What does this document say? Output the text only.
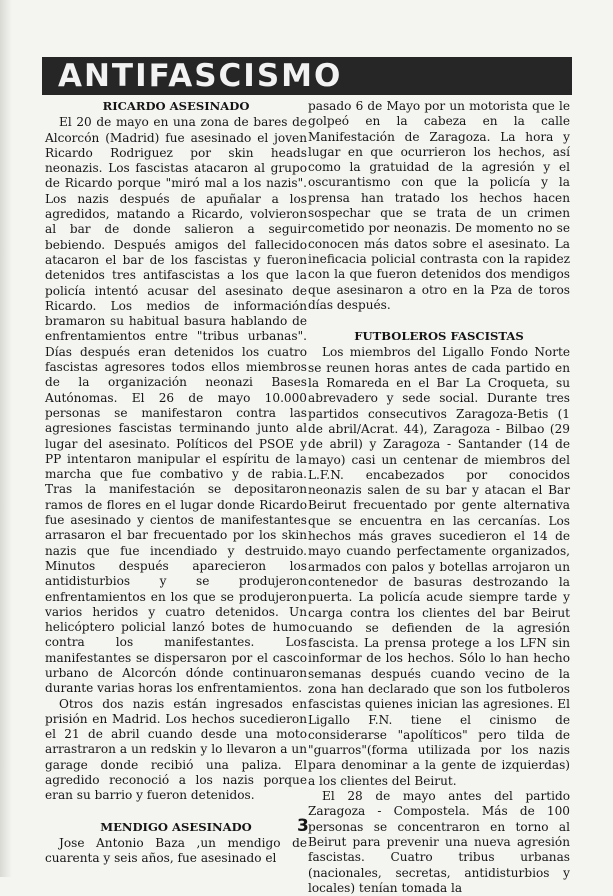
ANTIFASCISMO
RICARDO ASESINADO

El 20 de mayo en una zona de bares de Alcorcón (Madrid) fue asesinado el joven Ricardo Rodriguez por skin heads neonazis. Los fascistas atacaron al grupo de Ricardo porque "miró mal a los nazis". Los nazis después de apuñalar a los agredidos, matando a Ricardo, volvieron al bar de donde salieron a seguir bebiendo. Después amigos del fallecido atacaron el bar de los fascistas y fueron detenidos tres antifascistas a los que la policía intentó acusar del asesinato de Ricardo. Los medios de información bramaron su habitual basura hablando de enfrentamientos entre "tribus urbanas". Días después eran detenidos los cuatro fascistas agresores todos ellos miembros de la organización neonazi Bases Autónomas. El 26 de mayo 10.000 personas se manifestaron contra las agresiones fascistas terminando junto al lugar del asesinato. Políticos del PSOE y PP intentaron manipular el espíritu de la marcha que fue combativo y de rabia. Tras la manifestación se depositaron ramos de flores en el lugar donde Ricardo fue asesinado y cientos de manifestantes arrasaron el bar frecuentado por los skin nazis que fue incendiado y destruido. Minutos después aparecieron los antidisturbios y se produjeron enfrentamientos en los que se produjeron varios heridos y cuatro detenidos. Un helicóptero policial lanzó botes de humo contra los manifestantes. Los manifestantes se dispersaron por el casco urbano de Alcorcón dónde continuaron durante varias horas los enfrentamientos.

Otros dos nazis están ingresados en prisión en Madrid. Los hechos sucedieron el 21 de abril cuando desde una moto arrastraron a un redskin y lo llevaron a un garage donde recibió una paliza. El agredido reconoció a los nazis porque eran su barrio y fueron detenidos.

MENDIGO ASESINADO

Jose Antonio Baza ,un mendigo de cuarenta y seis años, fue asesinado el

pasado 6 de Mayo por un motorista que le golpeó en la cabeza en la calle Manifestación de Zaragoza. La hora y lugar en que ocurrieron los hechos, así como la gratuidad de la agresión y el oscurantismo con que la policía y la prensa han tratado los hechos hacen sospechar que se trata de un crimen cometido por neonazis. De momento no se conocen más datos sobre el asesinato. La ineficacia policial contrasta con la rapidez con la que fueron detenidos dos mendigos que asesinaron a otro en la Pza de toros días después.

FUTBOLEROS FASCISTAS

Los miembros del Ligallo Fondo Norte se reunen horas antes de cada partido en la Romareda en el Bar La Croqueta, su abrevadero y sede social. Durante tres partidos consecutivos Zaragoza-Betis (1 de abril/Acrat. 44), Zaragoza - Bilbao (29 de abril) y Zaragoza - Santander (14 de mayo) casi un centenar de miembros del L.F.N. encabezados por conocidos neonazis salen de su bar y atacan el Bar Beirut frecuentado por gente alternativa que se encuentra en las cercanías. Los hechos más graves sucedieron el 14 de mayo cuando perfectamente organizados, armados con palos y botellas arrojaron un contenedor de basuras destrozando la puerta. La policía acude siempre tarde y carga contra los clientes del bar Beirut cuando se defienden de la agresión fascista. La prensa protege a los LFN sin informar de los hechos. Sólo lo han hecho semanas después cuando vecino de la zona han declarado que son los futboleros fascistas quienes inician las agresiones. El Ligallo F.N. tiene el cinismo de considerarse "apolíticos" pero tilda de "guarros"(forma utilizada por los nazis para denominar a la gente de izquierdas) a los clientes del Beirut.

El 28 de mayo antes del partido Zaragoza - Compostela. Más de 100 personas se concentraron en torno al Beirut para prevenir una nueva agresión fascistas. Cuatro tribus urbanas (nacionales, secretas, antidisturbios y locales) tenían tomada la

3
